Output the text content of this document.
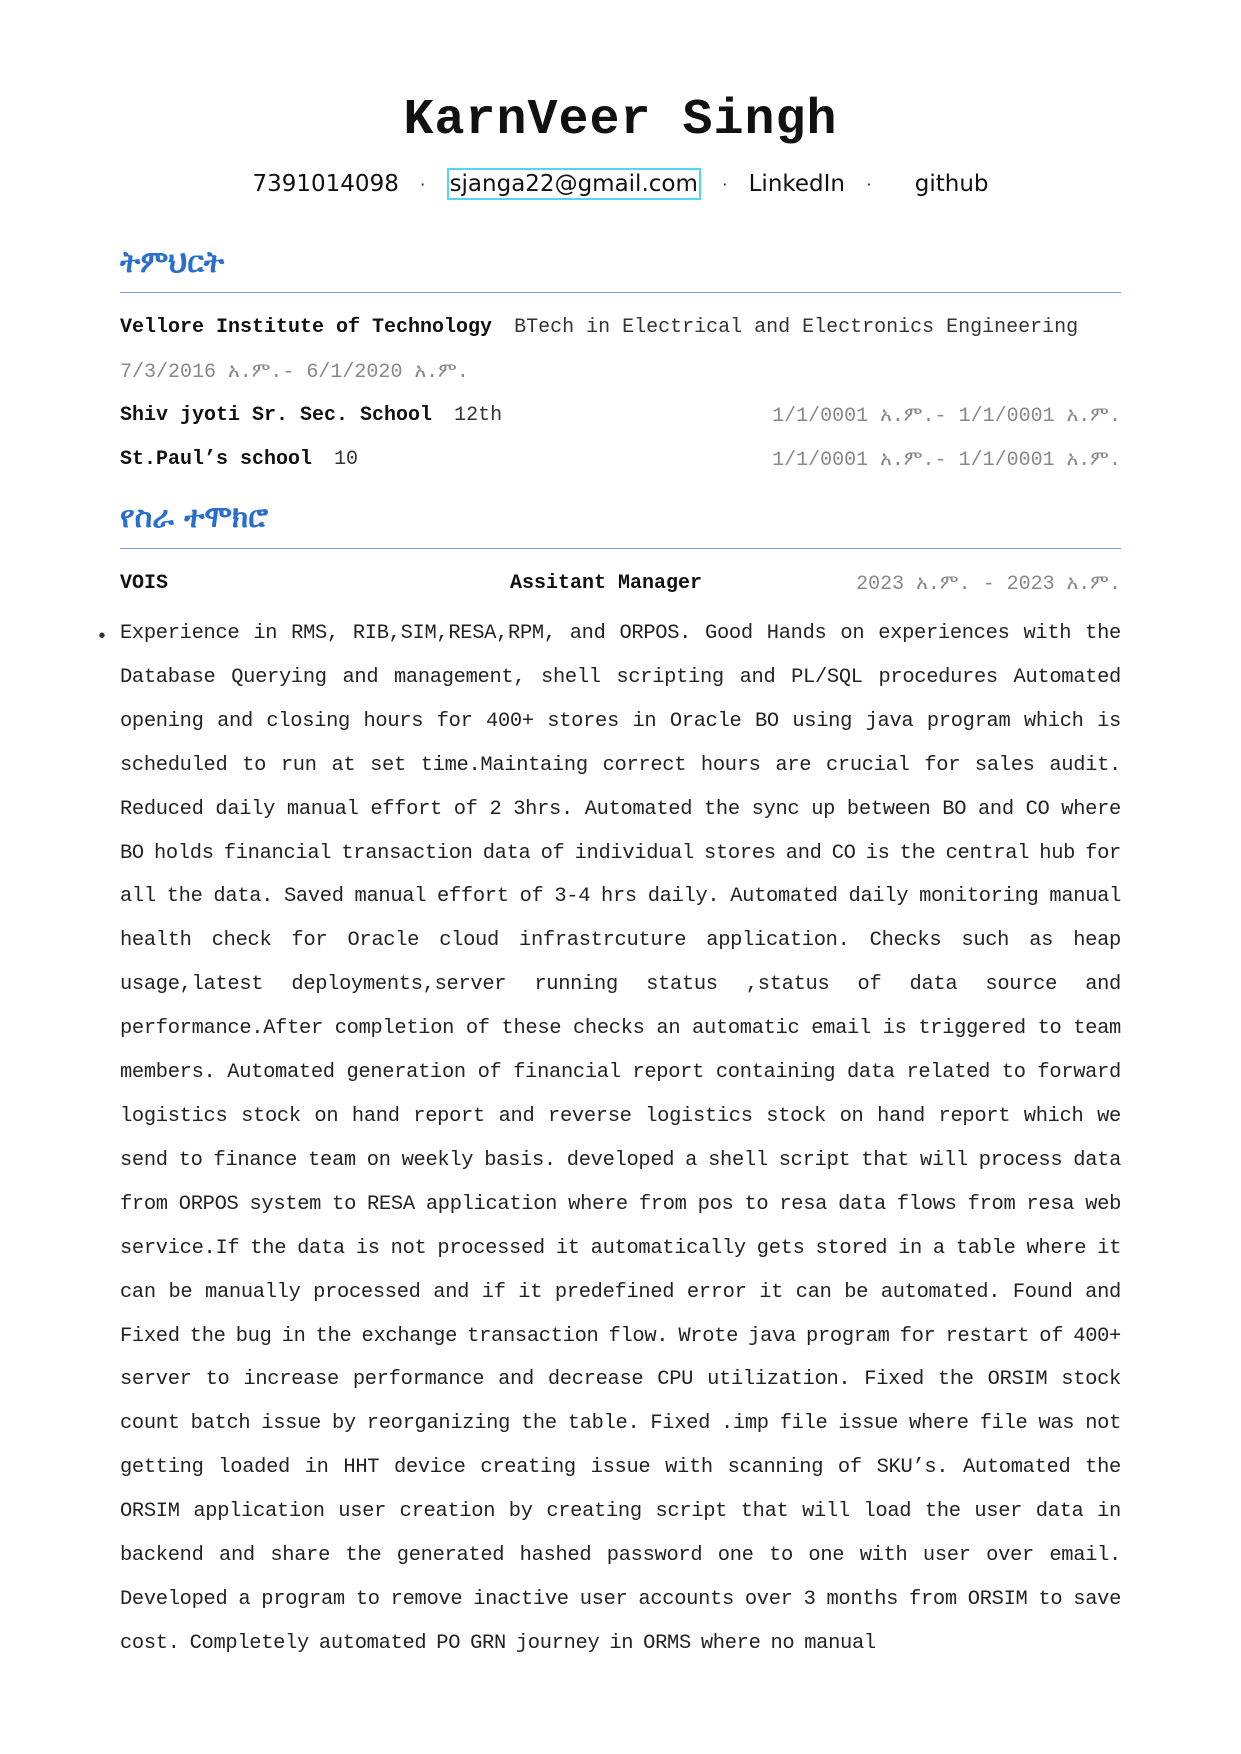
KarnVeer Singh
7391014098 · sjanga22@gmail.com · LinkedIn · github
ትምህርት
Vellore Institute of Technology BTech in Electrical and Electronics Engineering
7/3/2016 አ.ም.- 6/1/2020 አ.ም.
Shiv jyoti Sr. Sec. School 12th	1/1/0001 አ.ም.- 1/1/0001 አ.ም.
St.Paul’s school 10	1/1/0001 አ.ም.- 1/1/0001 አ.ም.
የስራ ተሞክሮ
VOIS	Assitant Manager	2023 አ.ም. - 2023 አ.ም.
• Experience in RMS, RIB,SIM,RESA,RPM, and ORPOS. Good Hands on experiences with the Database Querying and management, shell scripting and PL/SQL procedures Automated opening and closing hours for 400+ stores in Oracle BO using java program which is scheduled to run at set time.Maintaing correct hours are crucial for sales audit. Reduced daily manual effort of 2 3hrs. Automated the sync up between BO and CO where BO holds financial transaction data of individual stores and CO is the central hub for all the data. Saved manual effort of 3-4 hrs daily. Automated daily monitoring manual health check for Oracle cloud infrastrcuture application. Checks such as heap usage,latest deployments,server running status ,status of data source and performance.After completion of these checks an automatic email is triggered to team members. Automated generation of financial report containing data related to forward logistics stock on hand report and reverse logistics stock on hand report which we send to finance team on weekly basis. developed a shell script that will process data from ORPOS system to RESA application where from pos to resa data flows from resa web service.If the data is not processed it automatically gets stored in a table where it can be manually processed and if it predefined error it can be automated. Found and Fixed the bug in the exchange transaction flow. Wrote java program for restart of 400+ server to increase performance and decrease CPU utilization. Fixed the ORSIM stock count batch issue by reorganizing the table. Fixed .imp file issue where file was not getting loaded in HHT device creating issue with scanning of SKU’s. Automated the ORSIM application user creation by creating script that will load the user data in backend and share the generated hashed password one to one with user over email. Developed a program to remove inactive user accounts over 3 months from ORSIM to save cost. Completely automated PO GRN journey in ORMS where no manual
